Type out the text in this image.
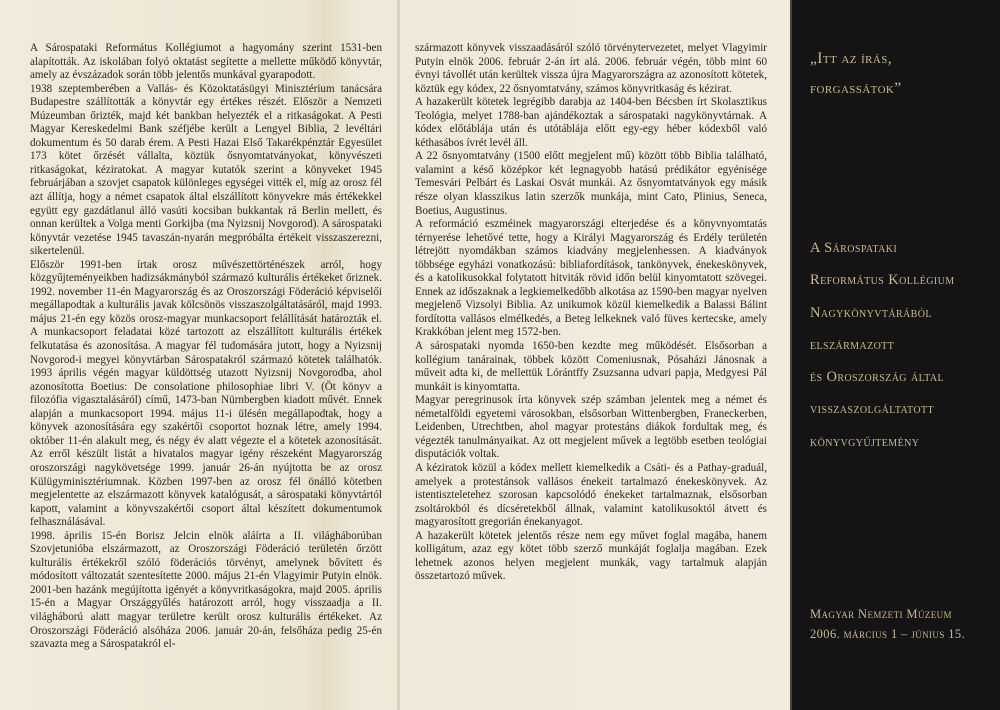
A Sárospataki Református Kollégiumot a hagyomány szerint 1531-ben alapították. Az iskolában folyó oktatást segítette a mellette működő könyvtár, amely az évszázadok során több jelentős munkával gyarapodott.

1938 szeptemberében a Vallás- és Közoktatásügyi Minisztérium tanácsára Budapestre szállították a könyvtár egy értékes részét. Először a Nemzeti Múzeumban őrizték, majd két bankban helyezték el a ritkaságokat. A Pesti Magyar Kereskedelmi Bank széfjébe került a Lengyel Biblia, 2 levéltári dokumentum és 50 darab érem. A Pesti Hazai Első Takarékpénztár Egyesület 173 kötet őrzését vállalta, köztük ősnyomtatványokat, könyvészeti ritkaságokat, kéziratokat. A magyar kutatók szerint a könyveket 1945 februárjában a szovjet csapatok különleges egységei vitték el, míg az orosz fél azt állítja, hogy a német csapatok által elszállított könyvekre más értékekkel együtt egy gazdátlanul álló vasúti kocsiban bukkantak rá Berlin mellett, és onnan kerültek a Volga menti Gorkijba (ma Nyizsnij Novgorod). A sárospataki könyvtár vezetése 1945 tavaszán-nyarán megpróbálta értékeit visszaszerezni, sikertelenül.

Először 1991-ben írtak orosz művészettörténészek arról, hogy közgyűjteményeikben hadizsákmányból származó kulturális értékeket őriznek. 1992. november 11-én Magyarország és az Oroszországi Föderáció képviselői megállapodtak a kulturális javak kölcsönös visszaszolgáltatásáról, majd 1993. május 21-én egy közös orosz-magyar munkacsoport felállítását határozták el. A munkacsoport feladatai közé tartozott az elszállított kulturális értékek felkutatása és azonosítása. A magyar fél tudomására jutott, hogy a Nyizsnij Novgorod-i megyei könyvtárban Sárospatakról származó kötetek találhatók. 1993 április végén magyar küldöttség utazott Nyizsnij Novgorodba, ahol azonosította Boetius: De consolatione philosophiae libri V. (Öt könyv a filozófia vigasztalásáról) című, 1473-ban Nürnbergben kiadott művét. Ennek alapján a munkacsoport 1994. május 11-i ülésén megállapodtak, hogy a könyvek azonosítására egy szakértői csoportot hoznak létre, amely 1994. október 11-én alakult meg, és négy év alatt végezte el a kötetek azonosítását. Az erről készült listát a hivatalos magyar igény részeként Magyarország oroszországi nagykövetsége 1999. január 26-án nyújtotta be az orosz Külügyminisztériumnak. Közben 1997-ben az orosz fél önálló kötetben megjelentette az elszármazott könyvek katalógusát, a sárospataki könyvtártól kapott, valamint a könyvszakértői csoport által készített dokumentumok felhasználásával.

1998. április 15-én Borisz Jelcin elnök aláírta a II. világháborúban Szovjetunióba elszármazott, az Oroszországi Föderáció területén őrzött kulturális értékekről szóló föderációs törvényt, amelynek bővített és módosított változatát szentesítette 2000. május 21-én Vlagyimir Putyin elnök. 2001-ben hazánk megújította igényét a könyvritkaságokra, majd 2005. április 15-én a Magyar Országgyűlés határozott arról, hogy visszaadja a II. világháború alatt magyar területre került orosz kulturális értékeket. Az Oroszországi Föderáció alsóháza 2006. január 20-án, felsőháza pedig 25-én szavazta meg a Sárospatakról el-

származott könyvek visszaadásáról szóló törvénytervezetet, melyet Vlagyimir Putyin elnök 2006. február 2-án írt alá. 2006. február végén, több mint 60 évnyi távollét után kerültek vissza újra Magyarországra az azonosított kötetek, köztük egy kódex, 22 ősnyomtatvány, számos könyvritkaság és kézirat.

A hazakerült kötetek legrégibb darabja az 1404-ben Bécsben írt Skolasztikus Teológia, melyet 1788-ban ajándékoztak a sárospataki nagykönyvtárnak. A kódex előtáblája után és utótáblája előtt egy-egy héber kódexből való kéthasábos ívrét levél áll.

A 22 ősnyomtatvány (1500 előtt megjelent mű) között több Biblia található, valamint a késő középkor két legnagyobb hatású prédikátor egyénisége Temesvári Pelbárt és Laskai Osvát munkái. Az ősnyomtatványok egy másik része olyan klasszikus latin szerzők munkája, mint Cato, Plinius, Seneca, Boetius, Augustinus.

A reformáció eszméinek magyarországi elterjedése és a könyvnyomtatás térnyerése lehetővé tette, hogy a Királyi Magyarország és Erdély területén létrejött nyomdákban számos kiadvány megjelenhessen. A kiadványok többsége egyházi vonatkozású: bibliafordítások, tankönyvek, énekeskönyvek, és a katolikusokkal folytatott hitviták rövid időn belül kinyomtatott szövegei. Ennek az időszaknak a legkiemelkedőbb alkotása az 1590-ben magyar nyelven megjelenő Vizsolyi Biblia. Az unikumok közül kiemelkedik a Balassi Bálint fordította vallásos elmélkedés, a Beteg lelkeknek való füves kertecske, amely Krakkóban jelent meg 1572-ben.

A sárospataki nyomda 1650-ben kezdte meg működését. Elsősorban a kollégium tanárainak, többek között Comeniusnak, Pósaházi Jánosnak a műveit adta ki, de mellettük Lórántffy Zsuzsanna udvari papja, Medgyesi Pál munkáit is kinyomtatta.

Magyar peregrinusok írta könyvek szép számban jelentek meg a német és németalföldi egyetemi városokban, elsősorban Wittenbergben, Franeckerben, Leidenben, Utrechtben, ahol magyar protestáns diákok fordultak meg, és végezték tanulmányaikat. Az ott megjelent művek a legtöbb esetben teológiai disputációk voltak.

A kéziratok közül a kódex mellett kiemelkedik a Csáti- és a Pathay-graduál, amelyek a protestánsok vallásos énekeit tartalmazó énekeskönyvek. Az istentiszteletehez szorosan kapcsolódó énekeket tartalmaznak, elsősorban zsoltárokból és dícséretekből állnak, valamint katolikusoktól átvett és magyarosított gregorián énekanyagot.

A hazakerült kötetek jelentős része nem egy művet foglal magába, hanem kolligátum, azaz egy kötet több szerző munkáját foglalja magában. Ezek lehetnek azonos helyen megjelent munkák, vagy tartalmuk alapján összetartozó művek.

„Itt az írás,
forgassátok”
A Sárospataki
Református Kollégium
Nagykönyvtárából
elszármazott
és Oroszország által
visszaszolgáltatott
könyvgyűjtemény
Magyar Nemzeti Múzeum
2006. március 1 – június 15.
